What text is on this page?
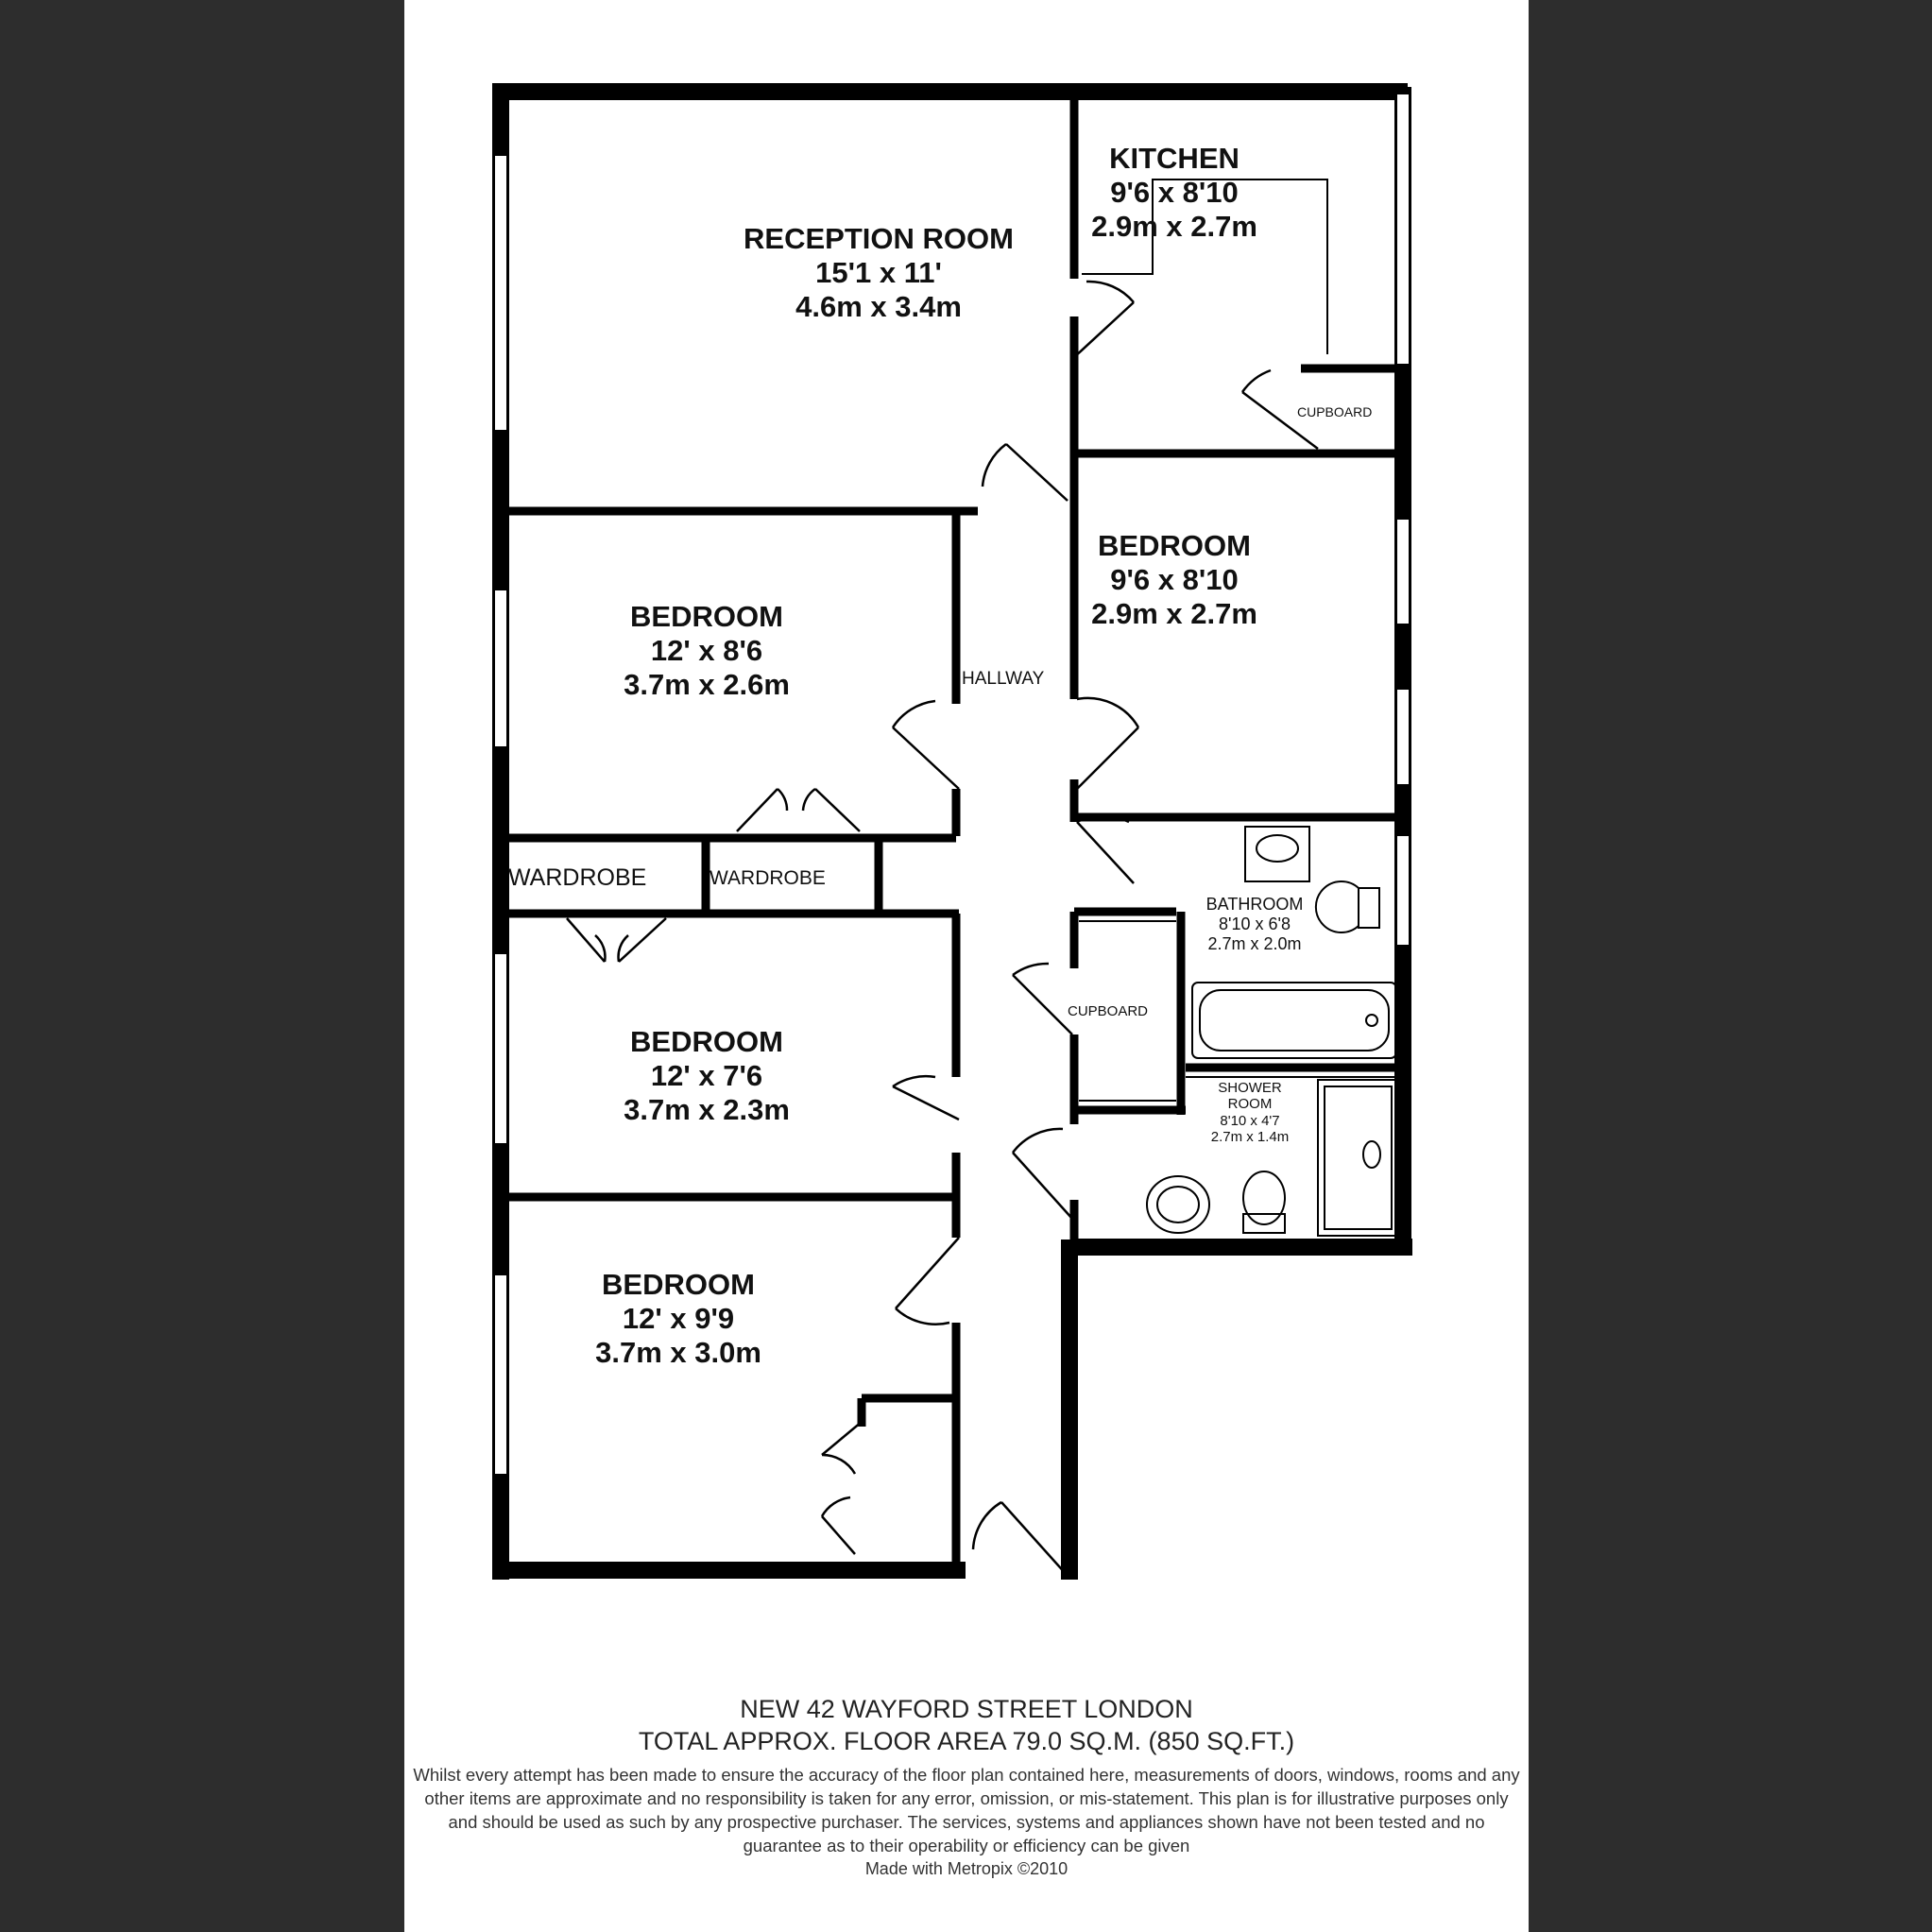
RECEPTION ROOM
15'1 x 11'
4.6m x 3.4m
KITCHEN
9'6 x 8'10
2.9m x 2.7m
BEDROOM
9'6 x 8'10
2.9m x 2.7m
BEDROOM
12' x 8'6
3.7m x 2.6m
BEDROOM
12' x 7'6
3.7m x 2.3m
BEDROOM
12' x 9'9
3.7m x 3.0m
BATHROOM
8'10 x 6'8
2.7m x 2.0m
SHOWER
ROOM
8'10 x 4'7
2.7m x 1.4m
HALLWAY
WARDROBE	WARDROBE
CUPBOARD
CUPBOARD
NEW 42 WAYFORD STREET LONDON
TOTAL APPROX. FLOOR AREA 79.0 SQ.M. (850 SQ.FT.)
Whilst every attempt has been made to ensure the accuracy of the floor plan contained here, measurements of doors, windows, rooms and any other items are approximate and no responsibility is taken for any error, omission, or mis-statement. This plan is for illustrative purposes only and should be used as such by any prospective purchaser. The services, systems and appliances shown have not been tested and no guarantee as to their operability or efficiency can be given
Made with Metropix ©2010
